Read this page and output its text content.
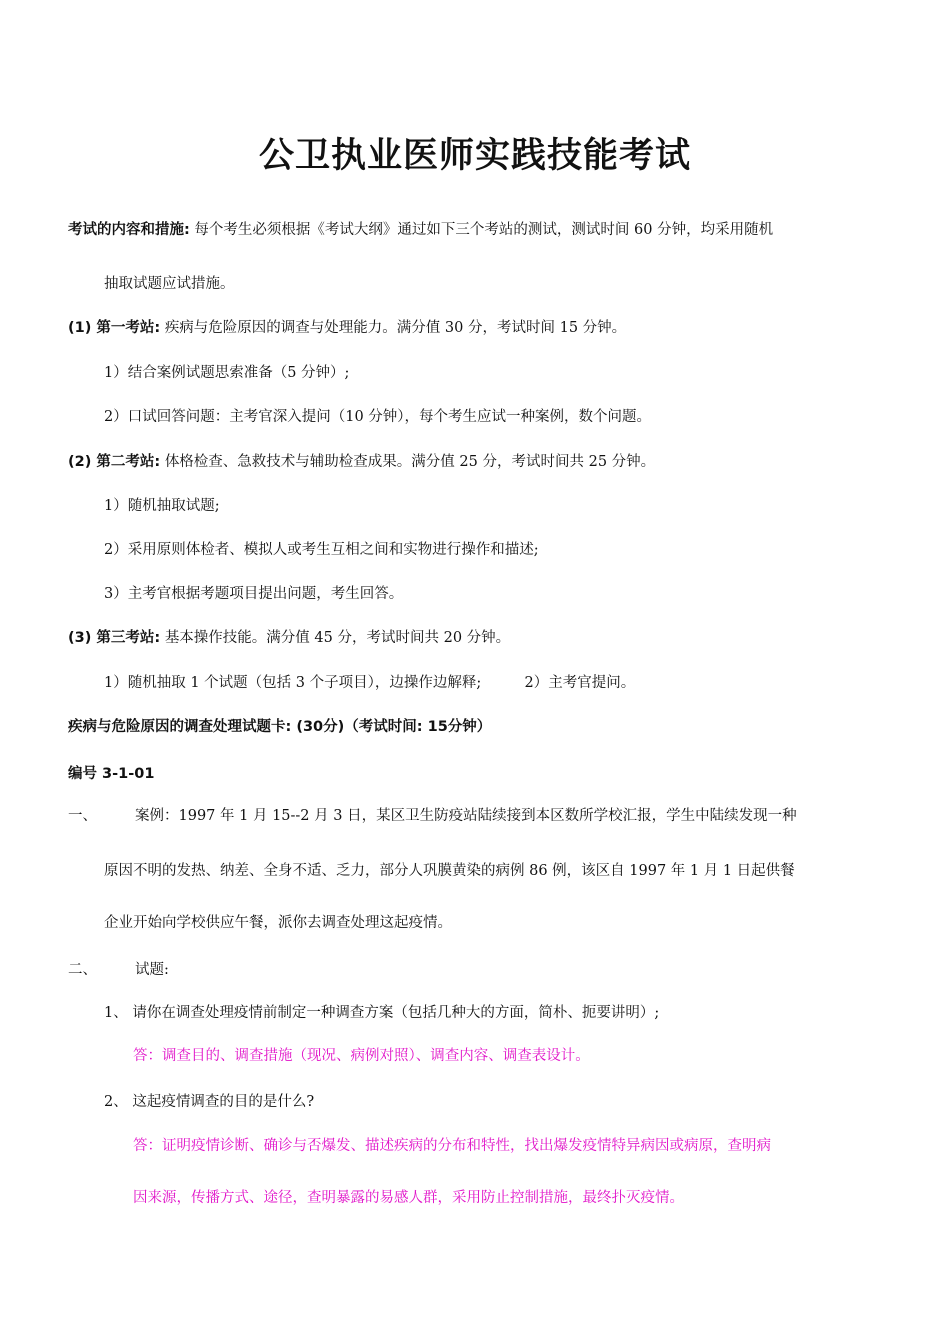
公卫执业医师实践技能考试
考试的内容和措施: 每个考生必须根据《考试大纲》通过如下三个考站的测试，测试时间 60 分钟，均采用随机
抽取试题应试措施。
(1) 第一考站: 疾病与危险原因的调查与处理能力。满分值 30 分，考试时间 15 分钟。
1）结合案例试题思索准备（5 分钟）;
2）口试回答问题：主考官深入提问（10 分钟），每个考生应试一种案例，数个问题。
(2) 第二考站: 体格检查、急救技术与辅助检查成果。满分值 25 分，考试时间共 25 分钟。
1）随机抽取试题;
2）采用原则体检者、模拟人或考生互相之间和实物进行操作和描述;
3）主考官根据考题项目提出问题，考生回答。
(3) 第三考站: 基本操作技能。满分值 45 分，考试时间共 20 分钟。
1）随机抽取 1 个试题（包括 3 个子项目），边操作边解释;	2）主考官提问。
疾病与危险原因的调查处理试题卡: (30分)（考试时间: 15分钟）
编号 3-1-01
一、	案例：1997 年 1 月 15--2 月 3 日，某区卫生防疫站陆续接到本区数所学校汇报，学生中陆续发现一种
原因不明的发热、纳差、全身不适、乏力，部分人巩膜黄染的病例 86 例，该区自 1997 年 1 月 1 日起供餐
企业开始向学校供应午餐，派你去调查处理这起疫情。
二、	试题:
1、 请你在调查处理疫情前制定一种调查方案（包括几种大的方面，简朴、扼要讲明）;
答：调查目的、调查措施（现况、病例对照）、调查内容、调查表设计。
2、 这起疫情调查的目的是什么?
答：证明疫情诊断、确诊与否爆发、描述疾病的分布和特性，找出爆发疫情特异病因或病原，查明病
因来源，传播方式、途径，查明暴露的易感人群，采用防止控制措施，最终扑灭疫情。
